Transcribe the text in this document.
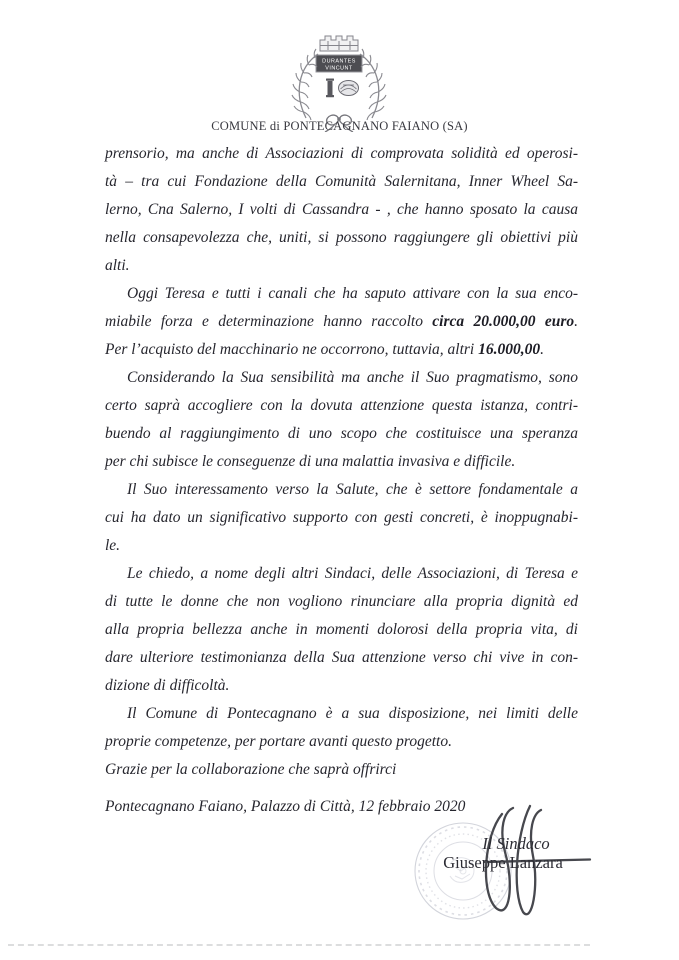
DURANTES
VINCUNT
COMUNE di PONTECAGNANO FAIANO (SA)
prensorio, ma anche di Associazioni di comprovata solidità ed operosi-
tà – tra cui Fondazione della Comunità Salernitana, Inner Wheel Sa-
lerno, Cna Salerno, I volti di Cassandra - , che hanno sposato la causa
nella consapevolezza che, uniti, si possono raggiungere gli obiettivi più
alti.
Oggi Teresa e tutti i canali che ha saputo attivare con la sua enco-
miabile forza e determinazione hanno raccolto circa 20.000,00 euro.
Per l’acquisto del macchinario ne occorrono, tuttavia, altri 16.000,00.
Considerando la Sua sensibilità ma anche il Suo pragmatismo, sono
certo saprà accogliere con la dovuta attenzione questa istanza, contri-
buendo al raggiungimento di uno scopo che costituisce una speranza
per chi subisce le conseguenze di una malattia invasiva e difficile.
Il Suo interessamento verso la Salute, che è settore fondamentale a
cui ha dato un significativo supporto con gesti concreti, è inoppugnabi-
le.
Le chiedo, a nome degli altri Sindaci, delle Associazioni, di Teresa e
di tutte le donne che non vogliono rinunciare alla propria dignità ed
alla propria bellezza anche in momenti dolorosi della propria vita, di
dare ulteriore testimonianza della Sua attenzione verso chi vive in con-
dizione di difficoltà.
Il Comune di Pontecagnano è a sua disposizione, nei limiti delle
proprie competenze, per portare avanti questo progetto.
Grazie per la collaborazione che saprà offrirci
Pontecagnano Faiano, Palazzo di Città, 12 febbraio 2020
Il Sindaco
Giuseppe Lanzara
